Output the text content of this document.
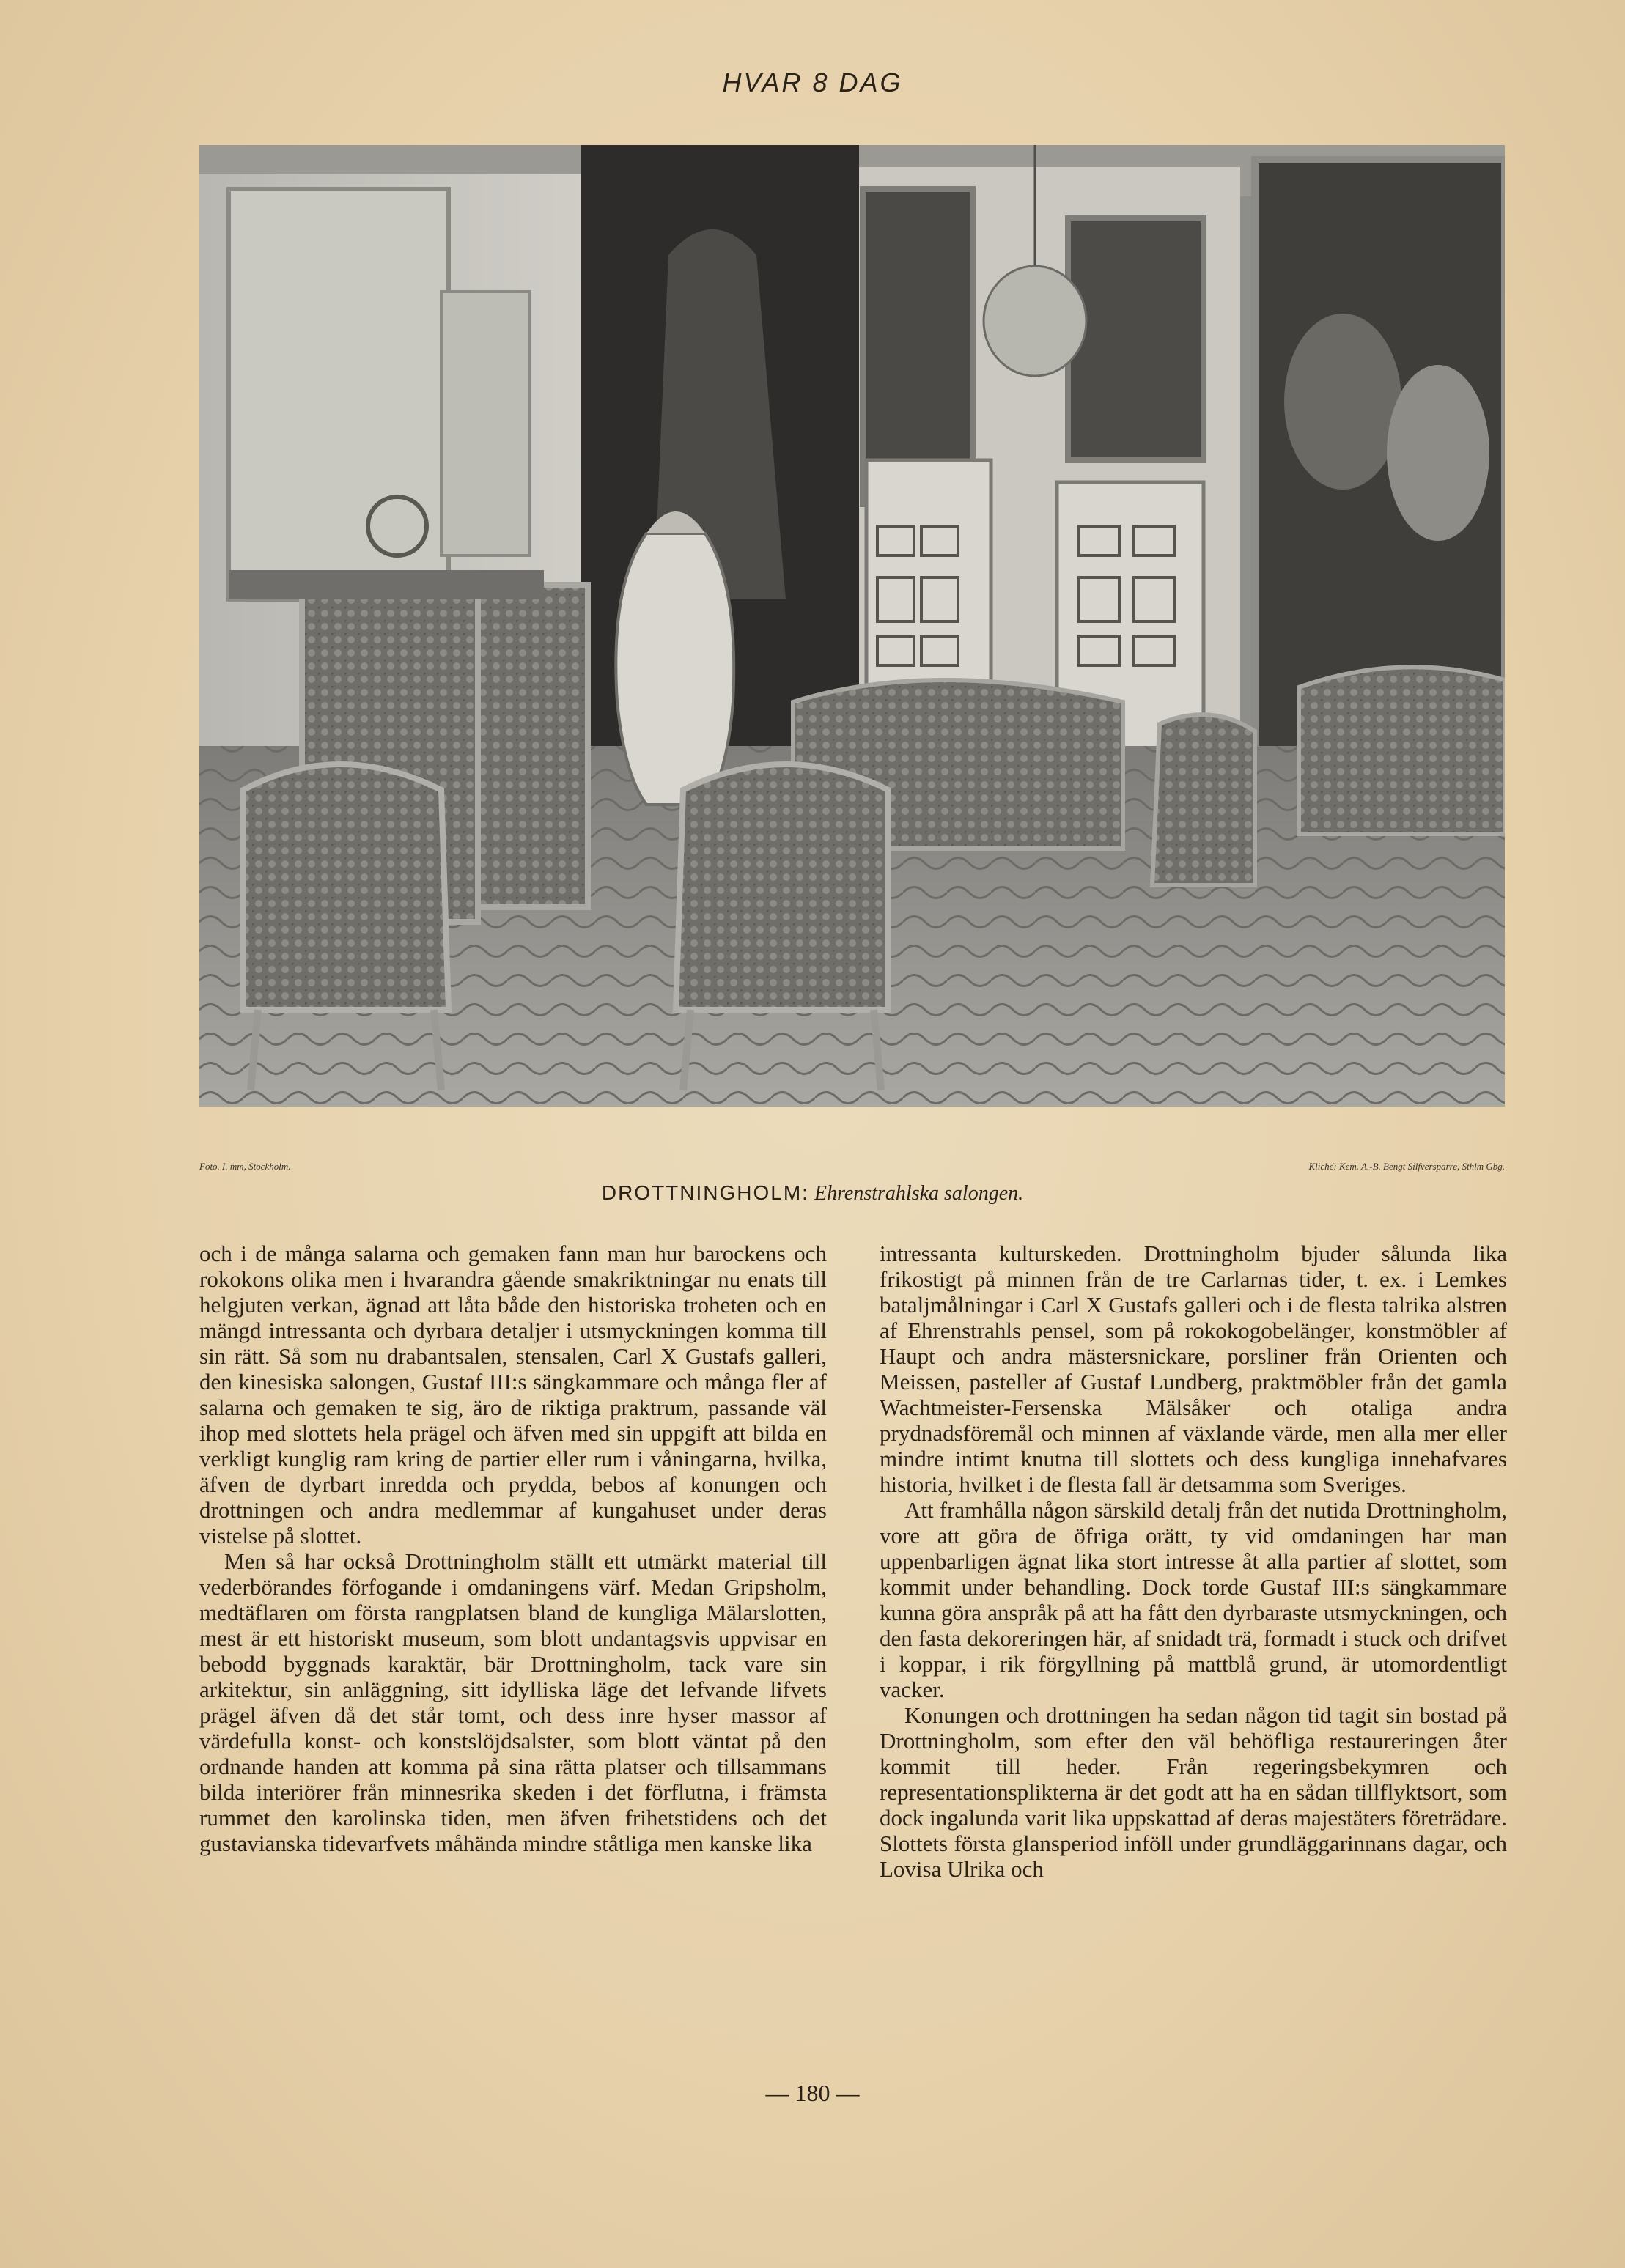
HVAR 8 DAG
Foto. I. mm, Stockholm.	Kliché: Kem. A.-B. Bengt Silfversparre, Sthlm Gbg.
DROTTNINGHOLM: Ehrenstrahlska salongen.

och i de många salarna och gemaken fann man hur barockens och rokokons olika men i hvarandra gående smakriktningar nu enats till helgjuten verkan, ägnad att låta både den historiska troheten och en mängd intressanta och dyrbara detaljer i utsmyckningen komma till sin rätt. Så som nu drabantsalen, stensalen, Carl X Gustafs galleri, den kinesiska salongen, Gustaf III:s sängkammare och många fler af salarna och gemaken te sig, äro de riktiga praktrum, passande väl ihop med slottets hela prägel och äfven med sin uppgift att bilda en verkligt kunglig ram kring de partier eller rum i våningarna, hvilka, äfven de dyrbart inredda och prydda, bebos af konungen och drottningen och andra medlemmar af kungahuset under deras vistelse på slottet.

Men så har också Drottningholm ställt ett utmärkt material till vederbörandes förfogande i omdaningens värf. Medan Gripsholm, medtäflaren om första rangplatsen bland de kungliga Mälarslotten, mest är ett historiskt museum, som blott undantagsvis uppvisar en bebodd byggnads karaktär, bär Drottningholm, tack vare sin arkitektur, sin anläggning, sitt idylliska läge det lefvande lifvets prägel äfven då det står tomt, och dess inre hyser massor af värdefulla konst- och konstslöjdsalster, som blott väntat på den ordnande handen att komma på sina rätta platser och tillsammans bilda interiörer från minnesrika skeden i det förflutna, i främsta rummet den karolinska tiden, men äfven frihetstidens och det gustavianska tidevarfvets måhända mindre ståtliga men kanske lika

intressanta kulturskeden. Drottningholm bjuder sålunda lika frikostigt på minnen från de tre Carlarnas tider, t. ex. i Lemkes bataljmålningar i Carl X Gustafs galleri och i de flesta talrika alstren af Ehrenstrahls pensel, som på rokokogobelänger, konstmöbler af Haupt och andra mästersnickare, porsliner från Orienten och Meissen, pasteller af Gustaf Lundberg, praktmöbler från det gamla Wachtmeister-Fersenska Mälsåker och otaliga andra prydnadsföremål och minnen af växlande värde, men alla mer eller mindre intimt knutna till slottets och dess kungliga innehafvares historia, hvilket i de flesta fall är detsamma som Sveriges.

Att framhålla någon särskild detalj från det nutida Drottningholm, vore att göra de öfriga orätt, ty vid omdaningen har man uppenbarligen ägnat lika stort intresse åt alla partier af slottet, som kommit under behandling. Dock torde Gustaf III:s sängkammare kunna göra anspråk på att ha fått den dyrbaraste utsmyckningen, och den fasta dekoreringen här, af snidadt trä, formadt i stuck och drifvet i koppar, i rik förgyllning på mattblå grund, är utomordentligt vacker.

Konungen och drottningen ha sedan någon tid tagit sin bostad på Drottningholm, som efter den väl behöfliga restaureringen åter kommit till heder. Från regeringsbekymren och representationsplikterna är det godt att ha en sådan tillflyktsort, som dock ingalunda varit lika uppskattad af deras majestäters företrädare. Slottets första glansperiod inföll under grundläggarinnans dagar, och Lovisa Ulrika och

— 180 —
